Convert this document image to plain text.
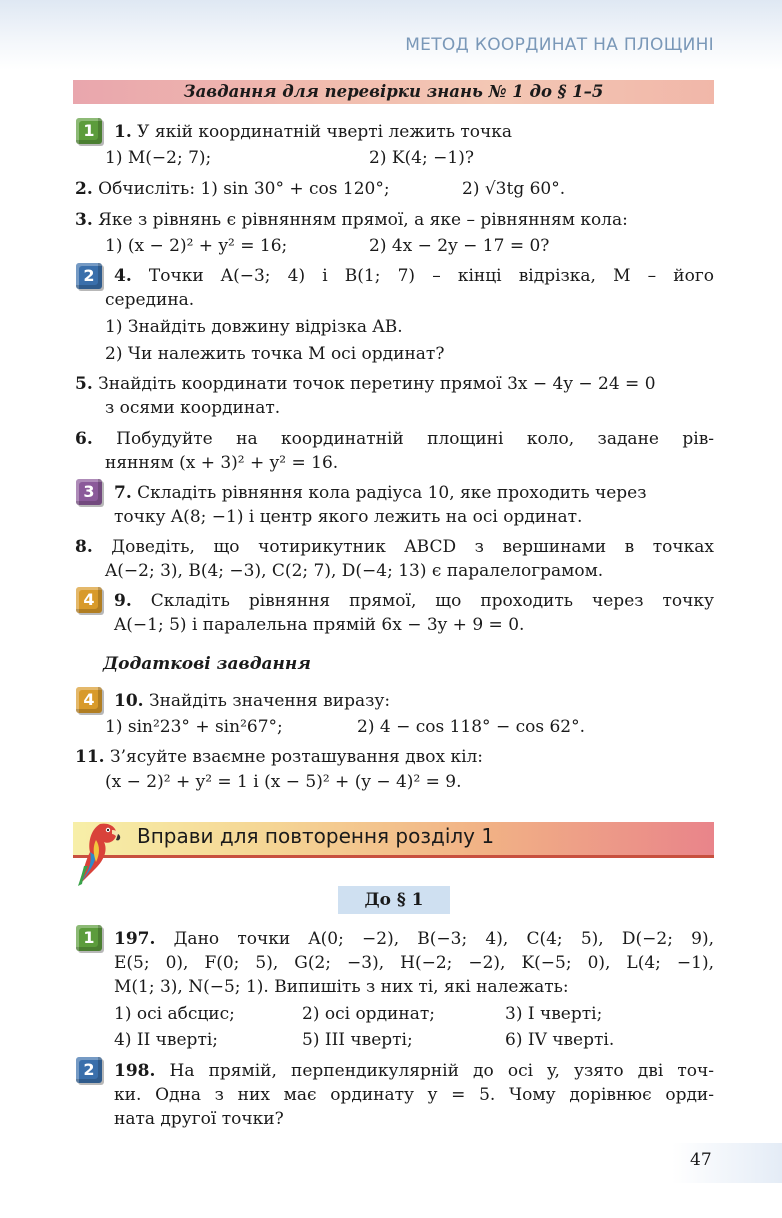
МЕТОД КООРДИНАТ НА ПЛОЩИНІ
Завдання для перевірки знань № 1 до § 1–5
1	1. У якій координатній чверті лежить точка
1) M(−2; 7);	2) K(4; −1)?
2. Обчисліть: 1) sin 30° + cos 120°;	2) √3tg 60°.
3. Яке з рівнянь є рівнянням прямої, а яке – рівнянням кола:
1) (x − 2)² + y² = 16;	2) 4x − 2y − 17 = 0?
2	4. Точки A(−3; 4) і B(1; 7) – кінці відрізка, M – його
середина.
1) Знайдіть довжину відрізка AB.
2) Чи належить точка M осі ординат?
5. Знайдіть координати точок перетину прямої 3x − 4y − 24 = 0
з осями координат.
6. Побудуйте на координатній площині коло, задане рів-
нянням (x + 3)² + y² = 16.
3	7. Складіть рівняння кола радіуса 10, яке проходить через
точку A(8; −1) і центр якого лежить на осі ординат.
8. Доведіть, що чотирикутник ABCD з вершинами в точках
A(−2; 3), B(4; −3), C(2; 7), D(−4; 13) є паралелограмом.
4	9. Складіть рівняння прямої, що проходить через точку
A(−1; 5) і паралельна прямій 6x − 3y + 9 = 0.
Додаткові завдання
4	10. Знайдіть значення виразу:
1) sin²23° + sin²67°;	2) 4 − cos 118° − cos 62°.
11. З’ясуйте взаємне розташування двох кіл:
(x − 2)² + y² = 1 і (x − 5)² + (y − 4)² = 9.
Вправи для повторення розділу 1
До § 1
1	197. Дано точки A(0; −2), B(−3; 4), C(4; 5), D(−2; 9),
E(5; 0), F(0; 5), G(2; −3), H(−2; −2), K(−5; 0), L(4; −1),
M(1; 3), N(−5; 1). Випишіть з них ті, які належать:
1) осі абсцис;	2) осі ординат;	3) I чверті;
4) II чверті;	5) III чверті;	6) IV чверті.
2	198. На прямій, перпендикулярній до осі y, узято дві точ-
ки. Одна з них має ординату y = 5. Чому дорівнює орди-
ната другої точки?
47
